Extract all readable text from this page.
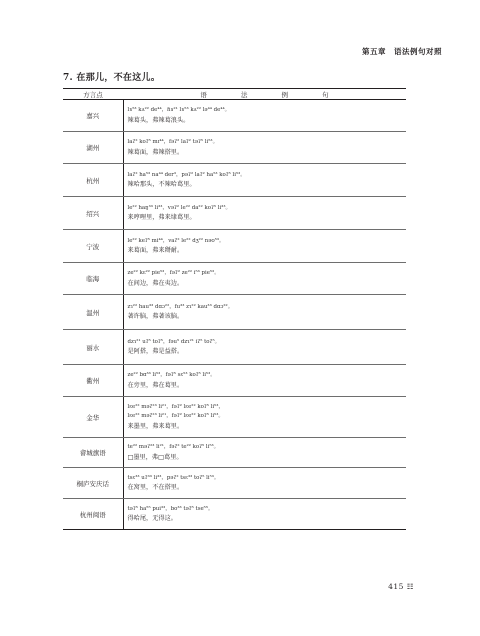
第五章　语法例句对照
7. 在那儿，不在这儿。
方言点	语 法 例 句
嘉兴	lɤ⁵³ kʌ²² de⁴⁴，ɦɤ²¹ lɤ⁵³ kʌ²² lə⁴⁴ de⁴⁴。
辣葛头，弗辣葛浪头。

湖州	laʔ² koʔ⁵ mɪ⁴⁴，fəʔ² laʔ² təʔ⁵ li⁵³。
辣葛面，弗辣搭里。

杭州	laʔ² ha⁵³ na⁴⁴ der³，pəʔ² laʔ² ha⁵³ koʔ⁵ li⁵³。
辣哈那头，不辣哈葛里。

绍兴	le²² haŋ³³ li³³，vəʔ² le²² da²² koʔ⁵ li³³。
来哼哩里，弗来埭葛里。

宁波	le²² keʔ⁵ mi⁴⁴，vaʔ² le²² dʒ²² nəʊ⁵³。
来葛面，弗来搿耐。

临海	ze²² kɛ²² pie⁵³，fəʔ² ze²² i⁵³ pie⁵³。
在间边，弗在夷边。

温州	zɿ²² hau³³ dɑɔ²²，fu³³ zɿ²² kau³³ dɑɔ²²。
著许脑，弗著该脑。

丽水	dzɿ²¹ uʔ⁵ toʔ⁵，fəu⁵ dzɿ²¹ iʔ⁵ toʔ⁵。
是阿搭，弗是益搭。

衢州	ze²² bɑ³³ li⁵³，fəʔ⁵ sɛ⁵³ koʔ⁵ li⁵³。
在旁里，弗在葛里。

金华	lɛe²² məʔ²³ li²¹，fəʔ² lɛe²² koʔ⁵ li⁵³，
lɛe²² məʔ²³ li²¹，fəʔ² lɛe²² koʔ⁵ li⁵³。
来墨里，弗来葛里。

畲城旗语	te²² məʔ²³ li²¹，fəʔ² te²² koʔ⁵ li⁵³。
□墨里，弗□葛里。

桐庐安庆话	tsɛ³³ uʔ³³ li³³，pəʔ² tsɛ³³ toʔ⁵ li⁵³。
在窝里，不在搭里。

杭州闽语	təʔ⁵ ha⁵⁵ pui³³，bo³³ təʔ⁵ tse⁵⁵。
得哈尾，无得这。
415 ☷
